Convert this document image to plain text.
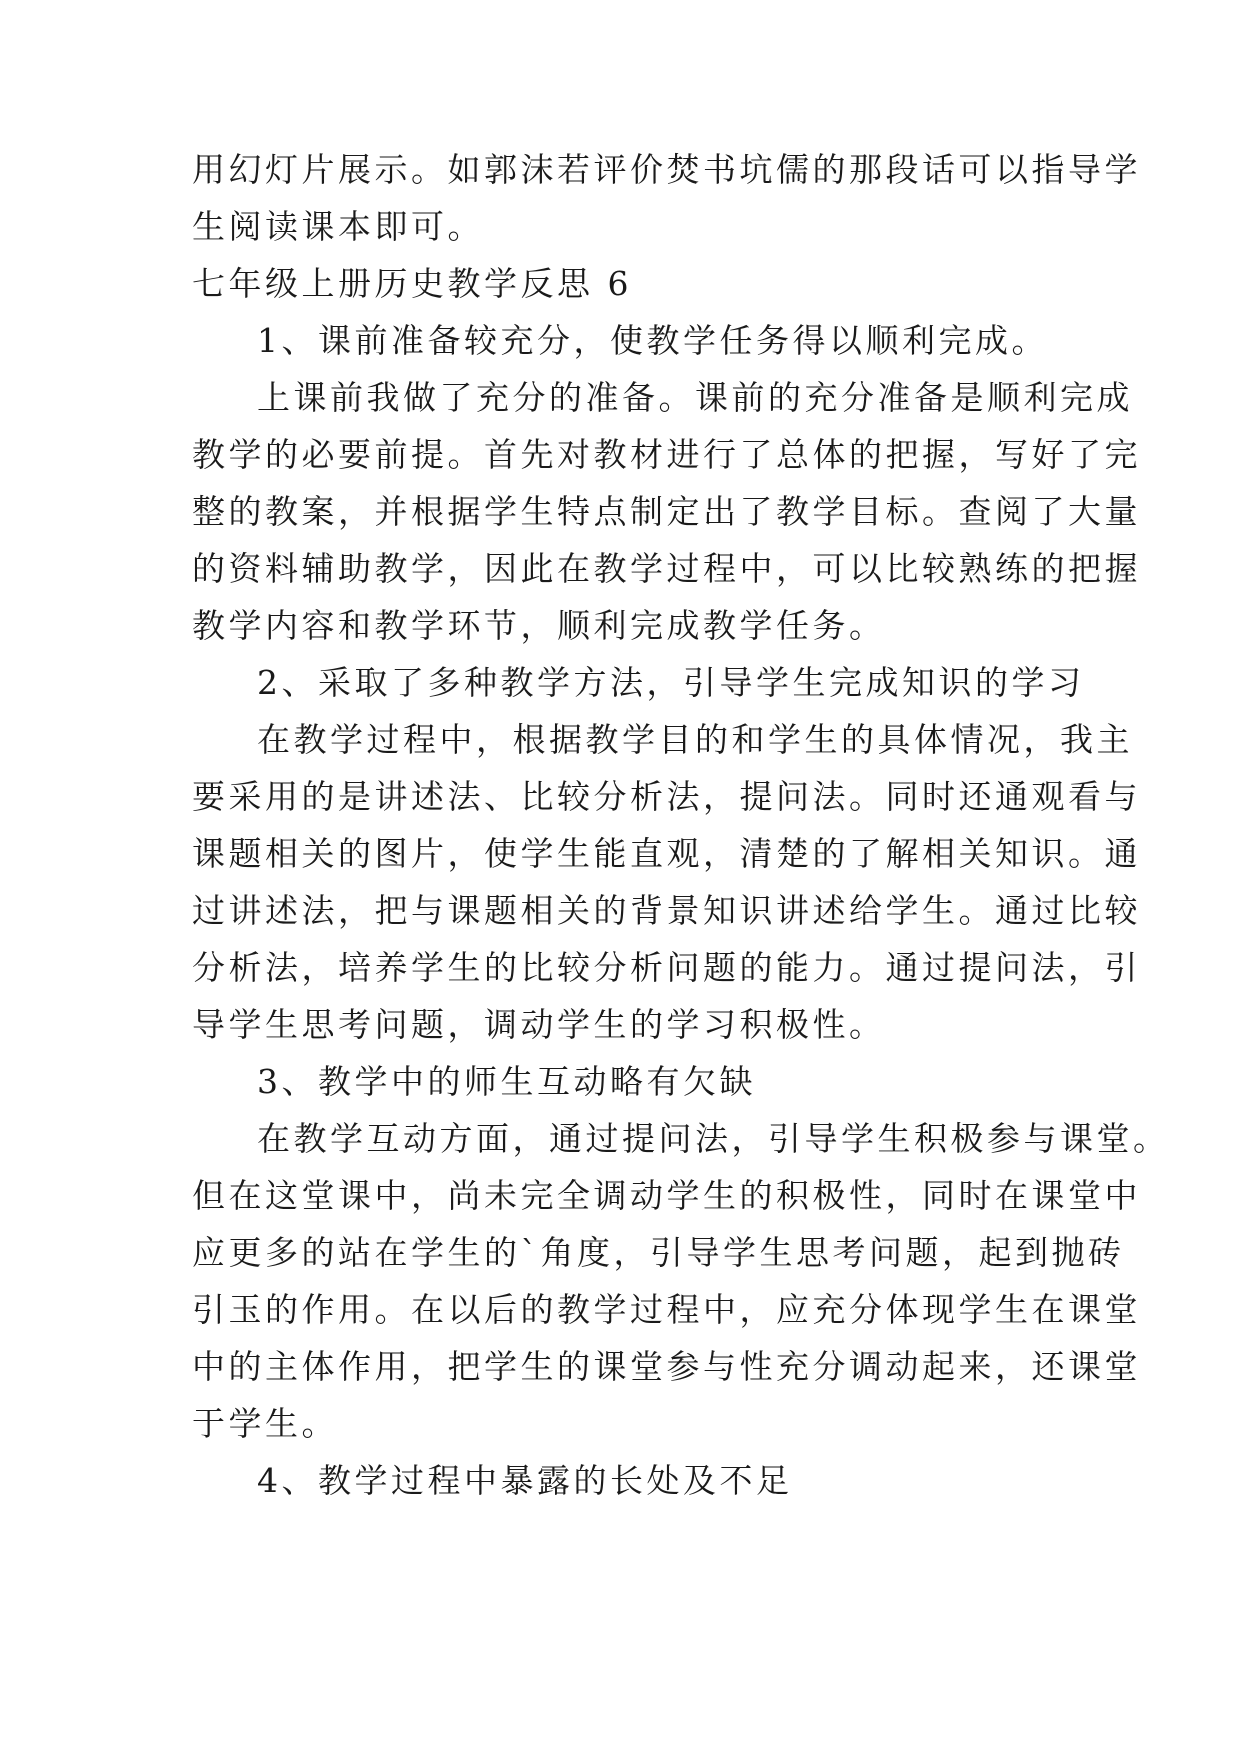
用幻灯片展示。如郭沫若评价焚书坑儒的那段话可以指导学

生阅读课本即可。

七年级上册历史教学反思 6

1、课前准备较充分，使教学任务得以顺利完成。

上课前我做了充分的准备。课前的充分准备是顺利完成

教学的必要前提。首先对教材进行了总体的把握，写好了完

整的教案，并根据学生特点制定出了教学目标。查阅了大量

的资料辅助教学，因此在教学过程中，可以比较熟练的把握

教学内容和教学环节，顺利完成教学任务。

2、采取了多种教学方法，引导学生完成知识的学习

在教学过程中，根据教学目的和学生的具体情况，我主

要采用的是讲述法、比较分析法，提问法。同时还通观看与

课题相关的图片，使学生能直观，清楚的了解相关知识。通

过讲述法，把与课题相关的背景知识讲述给学生。通过比较

分析法，培养学生的比较分析问题的能力。通过提问法，引

导学生思考问题，调动学生的学习积极性。

3、教学中的师生互动略有欠缺

在教学互动方面，通过提问法，引导学生积极参与课堂。

但在这堂课中，尚未完全调动学生的积极性，同时在课堂中

应更多的站在学生的`角度，引导学生思考问题，起到抛砖

引玉的作用。在以后的教学过程中，应充分体现学生在课堂

中的主体作用，把学生的课堂参与性充分调动起来，还课堂

于学生。

4、教学过程中暴露的长处及不足
